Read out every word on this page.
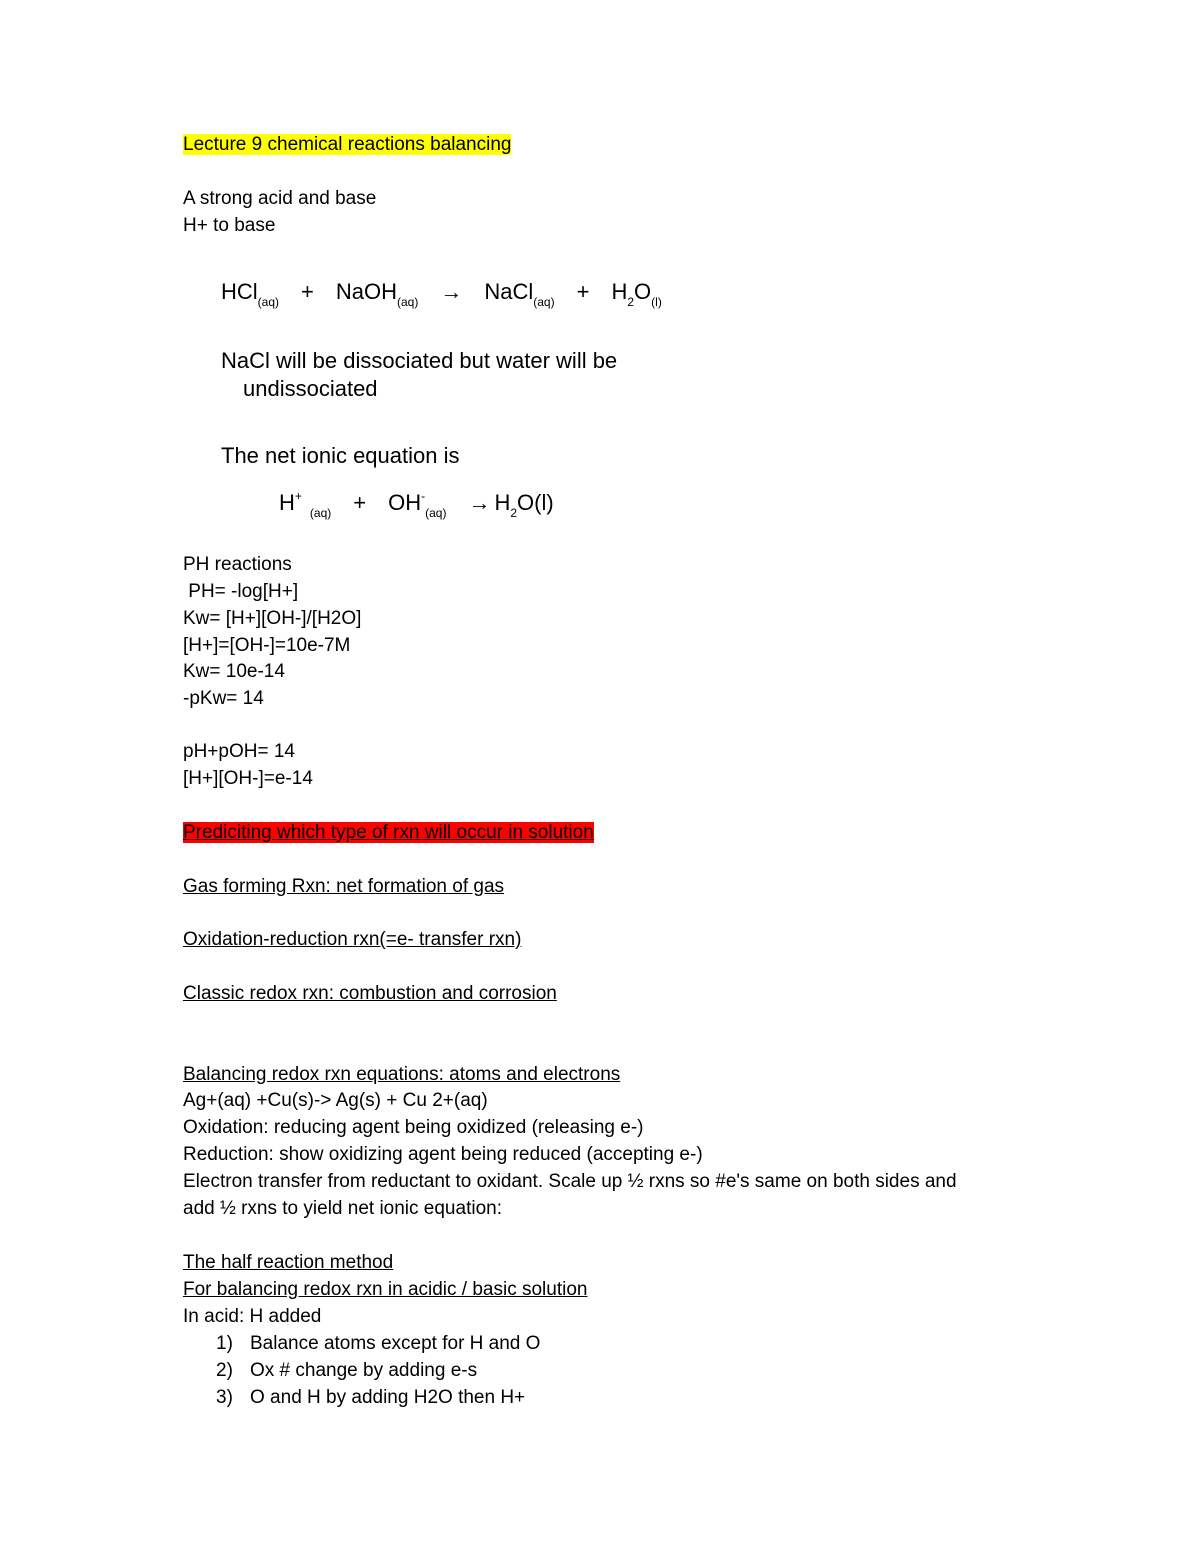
Lecture 9 chemical reactions balancing

A strong acid and base

H+ to base

HCl$_{(aq)}$ + NaOH$_{(aq)}$ → NaCl$_{(aq)}$ + $H_2O_{(l)}$
NaCl will be dissociated but water will be
undissociated
The net ionic equation is
$H^+_{(aq)} + OH^-_{(aq)} \to H_2O(l)$

PH reactions

PH= -log[H+]

Kw= [H+][OH-]/[H2O]

[H+]=[OH-]=10e-7M

Kw= 10e-14

-pKw= 14

pH+pOH= 14

[H+][OH-]=e-14

Prediciting which type of rxn will occur in solution

Gas forming Rxn: net formation of gas

Oxidation-reduction rxn(=e- transfer rxn)

Classic redox rxn: combustion and corrosion

Balancing redox rxn equations: atoms and electrons

Ag+(aq) +Cu(s)-> Ag(s) + Cu 2+(aq)

Oxidation: reducing agent being oxidized (releasing e-)

Reduction: show oxidizing agent being reduced (accepting e-)

Electron transfer from reductant to oxidant. Scale up ½ rxns so #e's same on both sides and

add ½ rxns to yield net ionic equation:

The half reaction method

For balancing redox rxn in acidic / basic solution

In acid: H added

1) Balance atoms except for H and O
2) Ox # change by adding e-s
3) O and H by adding H2O then H+
